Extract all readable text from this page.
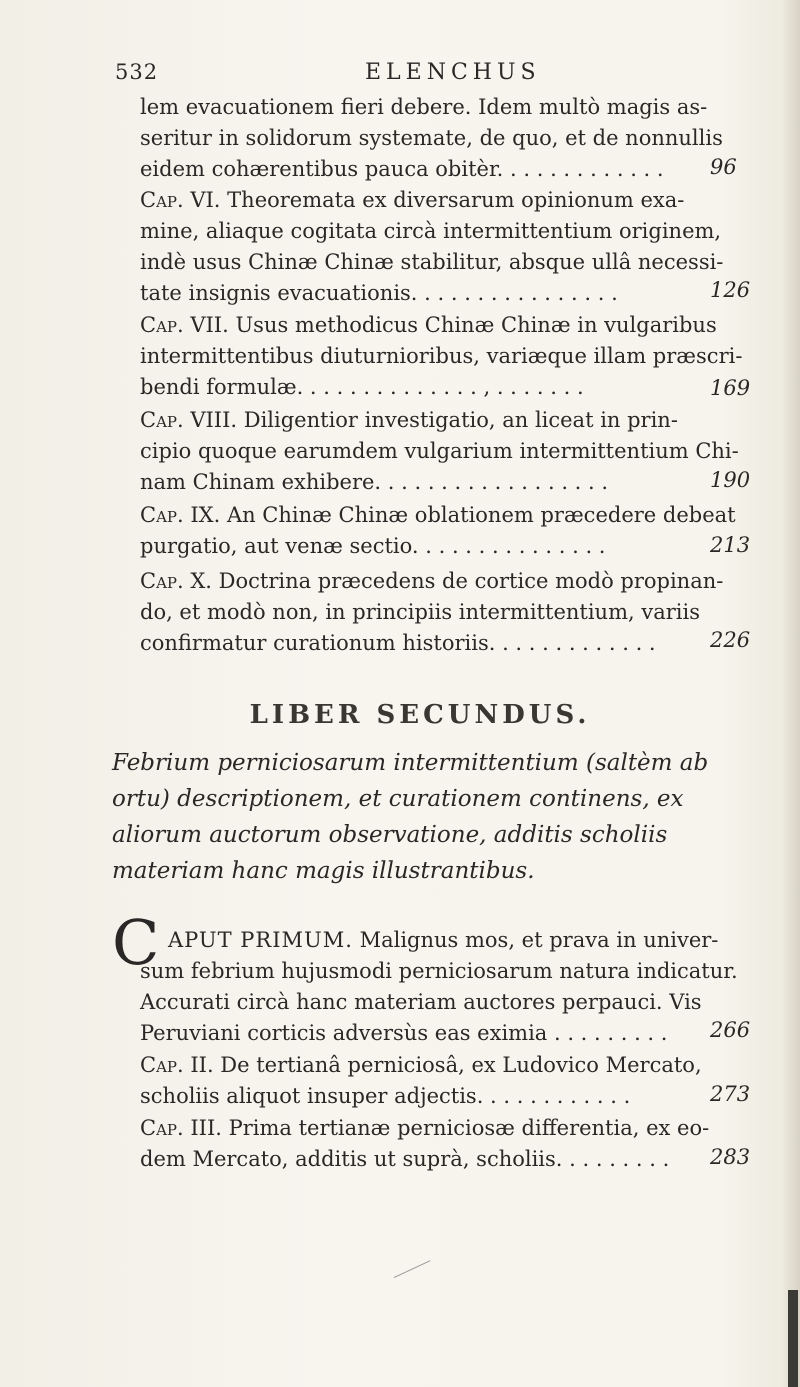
532	ELENCHUS
lem evacuationem fieri debere. Idem multò magis as-
seritur in solidorum systemate, de quo, et de nonnullis
eidem cohærentibus pauca obitèr. . . . . . . . . . . . .	96
Cap. VI. Theoremata ex diversarum opinionum exa-
mine, aliaque cogitata circà intermittentium originem,
indè usus Chinæ Chinæ stabilitur, absque ullâ necessi-
tate insignis evacuationis. . . . . . . . . . . . . . . .	126
Cap. VII. Usus methodicus Chinæ Chinæ in vulgaribus
intermittentibus diuturnioribus, variæque illam præscri-
bendi formulæ. . . . . . . . . . . . . . , . . . . . . .	169
Cap. VIII. Diligentior investigatio, an liceat in prin-
cipio quoque earumdem vulgarium intermittentium Chi-
nam Chinam exhibere. . . . . . . . . . . . . . . . . .	190
Cap. IX. An Chinæ Chinæ oblationem præcedere debeat
purgatio, aut venæ sectio. . . . . . . . . . . . . . .	213
Cap. X. Doctrina præcedens de cortice modò propinan-
do, et modò non, in principiis intermittentium, variis
confirmatur curationum historiis. . . . . . . . . . . . .	226
LIBER SECUNDUS.
Febrium perniciosarum intermittentium (saltèm ab
ortu) descriptionem, et curationem continens, ex
aliorum auctorum observatione, additis scholiis
materiam hanc magis illustrantibus.
C APUT PRIMUM. Malignus mos, et prava in univer-
sum febrium hujusmodi perniciosarum natura indicatur.
Accurati circà hanc materiam auctores perpauci. Vis
Peruviani corticis adversùs eas eximia . . . . . . . . .	266
Cap. II. De tertianâ perniciosâ, ex Ludovico Mercato,
scholiis aliquot insuper adjectis. . . . . . . . . . . .	273
Cap. III. Prima tertianæ perniciosæ differentia, ex eo-
dem Mercato, additis ut suprà, scholiis. . . . . . . . .	283
